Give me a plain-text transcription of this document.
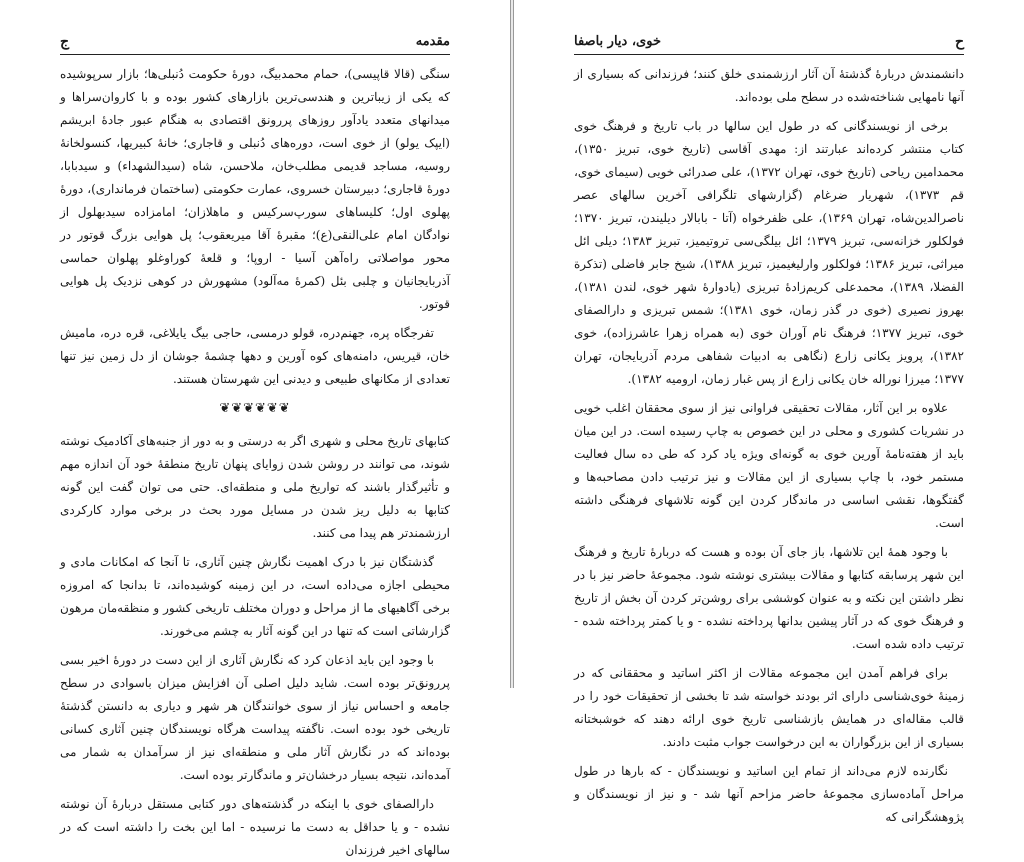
ج	مقدمه

سنگی (قالا قاپیسی)، حمام محمدبیگ، دورهٔ حکومت دُنبلی‌ها؛ بازار سرپوشیده که یکی از زیباترین و هندسی‌ترین بازارهای کشور بوده و با کاروان‌سراها و میدانهای متعدد یادآور روزهای پررونق اقتصادی به هنگام عبور جادهٔ ابریشم (ایپک یولو) از خوی است، دوره‌های دُنبلی و قاجاری؛ خانهٔ کبیریها، کنسولخانهٔ روسیه، مساجد قدیمی مطلب‌خان، ملاحسن، شاه (سیدالشهداء) و سیدبابا، دورهٔ قاجاری؛ دبیرستان خسروی، عمارت حکومتی (ساختمان فرمانداری)، دورهٔ پهلوی اول؛ کلیساهای سورپ‌سرکیس و ماهلازان؛ امامزاده سیدبهلول از نوادگان امام علی‌النقی(ع)؛ مقبرهٔ آقا میریعقوب؛ پل هوایی بزرگ قوتور در محور مواصلاتی راه‌آهن آسیا - اروپا؛ و قلعهٔ کوراوغلو پهلوان حماسی آذربایجانیان و چلبی بئل (کمرهٔ مه‌آلود) مشهورش در کوهی نزدیک پل هوایی قوتور.

تفرجگاه پره، جهنم‌دره، قولو درمسی، حاجی بیگ یایلاغی، قره دره، ماميش خان، قیریس، دامنه‌های کوه آورین و دهها چشمهٔ جوشان از دل زمین نیز تنها تعدادی از مکانهای طبیعی و دیدنی این شهرستان هستند.

❦❦❦❦❦❦

کتابهای تاریخ محلی و شهری اگر به درستی و به دور از جنبه‌های آکادمیک نوشته شوند، می توانند در روشن شدن زوایای پنهان تاریخ منطقهٔ خود آن اندازه مهم و تأثیرگذار باشند که تواریخ ملی و منطقه‌ای. حتی می توان گفت این گونه کتابها به دلیل ریز شدن در مسایل مورد بحث در برخی موارد کارکردی ارزشمندتر هم پیدا می کنند.

گذشتگان نیز با درک اهمیت نگارش چنین آثاری، تا آنجا که امکانات مادی و محیطی اجازه می‌داده است، در این زمینه کوشیده‌اند، تا بدانجا که امروزه برخی آگاهیهای ما از مراحل و دوران مختلف تاریخی کشور و منظقه‌مان مرهون گزارشاتی است که تنها در این گونه آثار به چشم می‌خورند.

با وجود این باید اذعان کرد که نگارش آثاری از این دست در دورهٔ اخیر بسی پررونق‌تر بوده است. شاید دلیل اصلی آن افزایش میزان باسوادی در سطح جامعه و احساس نیاز از سوی خوانندگان هر شهر و دیاری به دانستن گذشتهٔ تاریخی خود بوده است. ناگفته پیداست هرگاه نویسندگان چنین آثاری کسانی بوده‌اند که در نگارش آثار ملی و منطقه‌ای نیز از سرآمدان به شمار می آمده‌اند، نتیجه بسیار درخشان‌تر و ماندگارتر بوده است.

دارالصفای خوی با اینکه در گذشته‌های دور کتابی مستقل دربارهٔ آن نوشته نشده - و یا حداقل به دست ما نرسیده - اما این بخت را داشته است که در سالهای اخیر فرزندان

ح
خوی، دیار باصفا

دانشمندش دربارهٔ گذشتهٔ آن آثار ارزشمندی خلق کنند؛ فرزندانی که بسیاری از آنها نامهایی شناخته‌شده در سطح ملی بوده‌اند.

برخی از نویسندگانی که در طول این سالها در باب تاریخ و فرهنگ خوی کتاب منتشر کرده‌اند عبارتند از: مهدی آقاسی (تاریخ خوی، تبریز ۱۳۵۰)، محمدامین ریاحی (تاریخ خوی، تهران ۱۳۷۲)، علی صدرائی خویی (سیمای خوی، قم ۱۳۷۳)، شهریار ضرغام (گزارشهای تلگرافی آخرین سالهای عصر ناصرالدین‌شاه، تهران ۱۳۶۹)، علی ظفرخواه (آتا - بابالار دیلیندن، تبریز ۱۳۷۰؛ فولکلور خزانه‌سی، تبریز ۱۳۷۹؛ ائل بیلگی‌سی تروتیمیز، تبریز ۱۳۸۳؛ دیلی ائل میراثی، تبریز ۱۳۸۶؛ فولکلور وارلیغیمیز، تبریز ۱۳۸۸)، شیخ جابر فاضلی (تذکرة الفضلا، ۱۳۸۹)، محمدعلی کریم‌زادهٔ تبریزی (یادوارهٔ شهر خوی، لندن ۱۳۸۱)، بهروز نصیری (خوی در گذر زمان، خوی ۱۳۸۱)؛ شمس تبریزی و دارالصفای خوی، تبریز ۱۳۷۷؛ فرهنگ نام آوران خوی (به همراه زهرا عاشرزاده)، خوی ۱۳۸۲)، پرویز یکانی زارع (نگاهی به ادبیات شفاهی مردم آذربایجان، تهران ۱۳۷۷؛ میرزا نوراله خان یکانی زارع از پس غبار زمان، ارومیه ۱۳۸۲).

علاوه بر این آثار، مقالات تحقیقی فراوانی نیز از سوی محققان اغلب خویی در نشریات کشوری و محلی در این خصوص به چاپ رسیده است. در این میان باید از هفته‌نامهٔ آورین خوی به گونه‌ای ویژه یاد کرد که طی ده سال فعالیت مستمر خود، با چاپ بسیاری از این مقالات و نیز ترتیب دادن مصاحبه‌ها و گفتگوها، نقشی اساسی در ماندگار کردن این گونه تلاشهای فرهنگی داشته است.

با وجود همهٔ این تلاشها، باز جای آن بوده و هست که دربارهٔ تاریخ و فرهنگ این شهر پرسابقه کتابها و مقالات بیشتری نوشته شود. مجموعهٔ حاضر نیز با در نظر داشتن این نکته و به عنوان کوششی برای روشن‌تر کردن آن بخش از تاریخ و فرهنگ خوی که در آثار پیشین بدانها پرداخته نشده - و یا کمتر پرداخته شده - ترتیب داده شده است.

برای فراهم آمدن این مجموعه مقالات از اکثر اساتید و محققانی که در زمینهٔ خوی‌شناسی دارای اثر بودند خواسته شد تا بخشی از تحقیقات خود را در قالب مقاله‌ای در همایش بازشناسی تاریخ خوی ارائه دهند که خوشبختانه بسیاری از این بزرگواران به این درخواست جواب مثبت دادند.

نگارنده لازم می‌داند از تمام این اساتید و نویسندگان - که بارها در طول مراحل آماده‌سازی مجموعهٔ حاضر مزاحم آنها شد - و نیز از نویسندگان و پژوهشگرانی که
